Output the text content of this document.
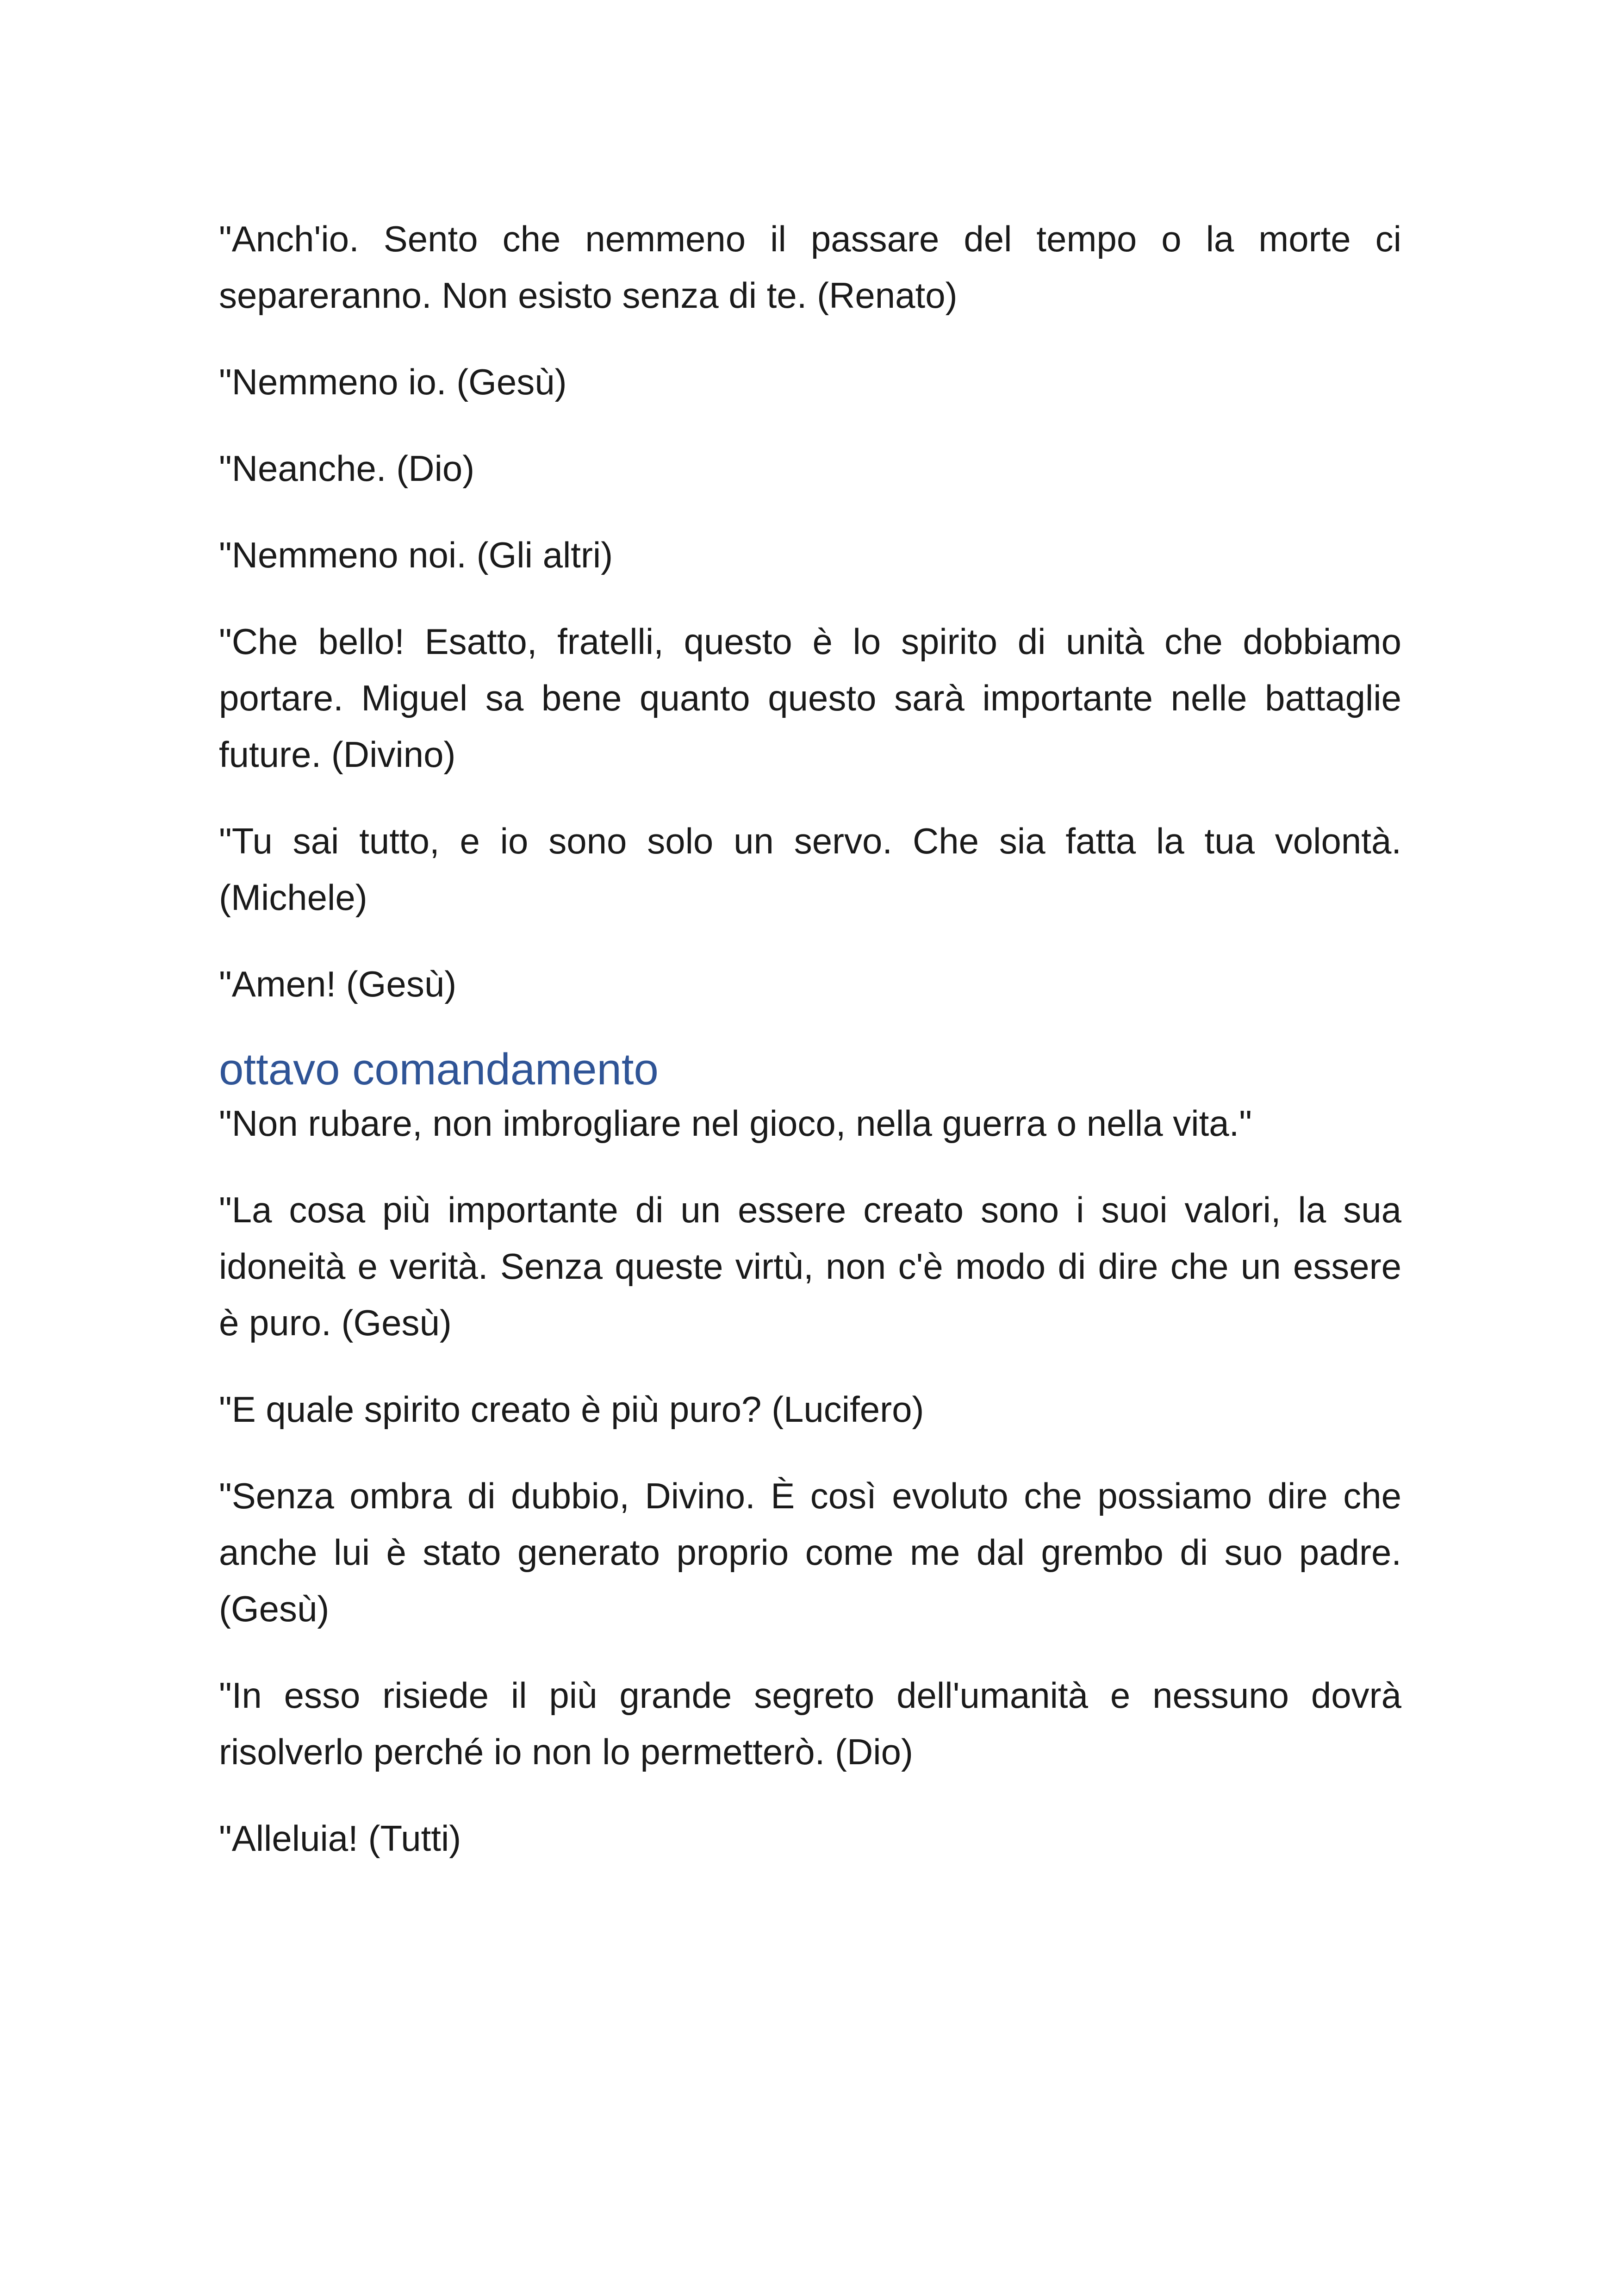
"Anch'io. Sento che nemmeno il passare del tempo o la morte ci separeranno. Non esisto senza di te. (Renato)

"Nemmeno io. (Gesù)

"Neanche. (Dio)

"Nemmeno noi. (Gli altri)

"Che bello! Esatto, fratelli, questo è lo spirito di unità che dobbiamo portare. Miguel sa bene quanto questo sarà importante nelle battaglie future. (Divino)

"Tu sai tutto, e io sono solo un servo. Che sia fatta la tua volontà. (Michele)

"Amen! (Gesù)

ottavo comandamento

"Non rubare, non imbrogliare nel gioco, nella guerra o nella vita."

"La cosa più importante di un essere creato sono i suoi valori, la sua idoneità e verità. Senza queste virtù, non c'è modo di dire che un essere è puro. (Gesù)

"E quale spirito creato è più puro? (Lucifero)

"Senza ombra di dubbio, Divino. È così evoluto che possiamo dire che anche lui è stato generato proprio come me dal grembo di suo padre. (Gesù)

"In esso risiede il più grande segreto dell'umanità e nessuno dovrà risolverlo perché io non lo permetterò. (Dio)

"Alleluia! (Tutti)
